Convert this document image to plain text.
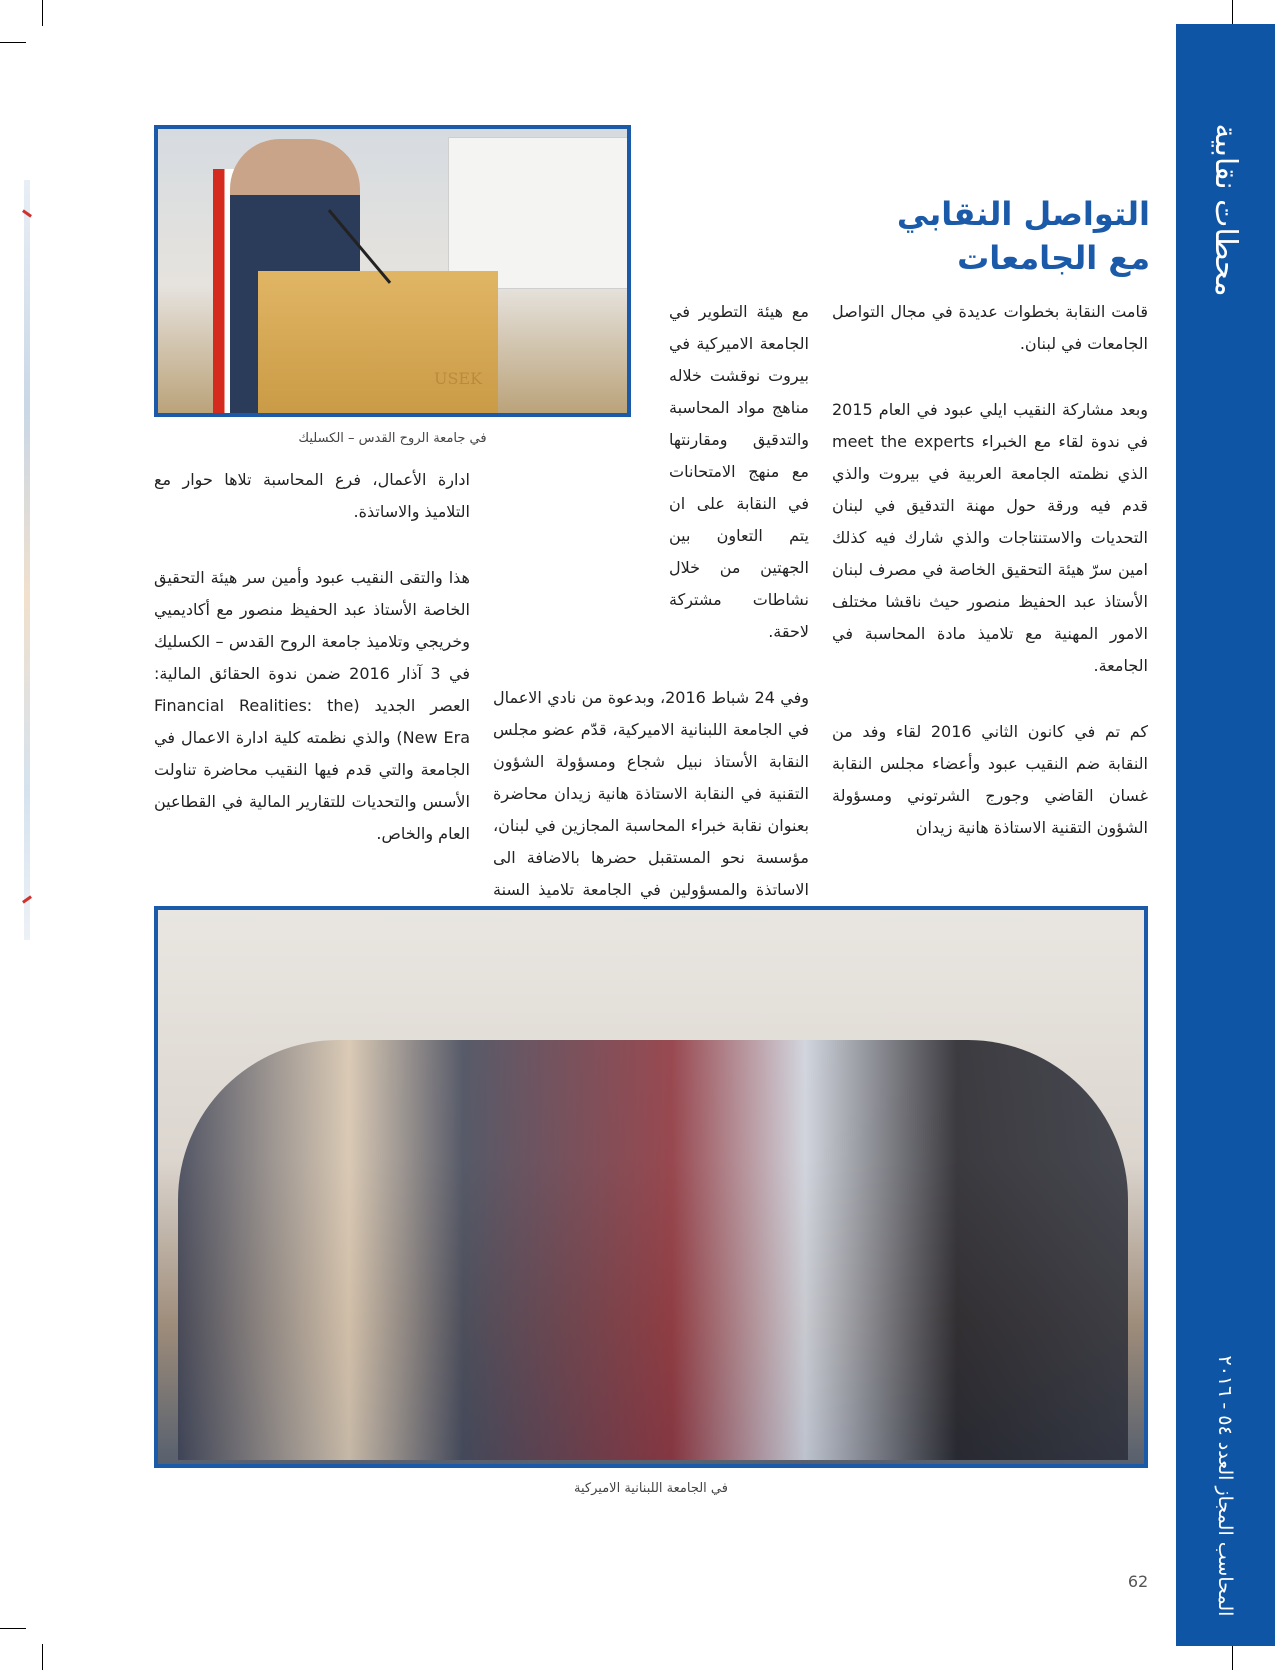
محطات نقابية
المحاسب المجاز العدد ٥٤ - ٢٠١٦
USEK
في جامعة الروح القدس – الكسليك
التواصل النقابي
مع الجامعات

قامت النقابة بخطوات عديدة في مجال التواصل الجامعات في لبنان.

وبعد مشاركة النقيب ايلي عبود في العام 2015 في ندوة لقاء مع الخبراء meet the experts الذي نظمته الجامعة العربية في بيروت والذي قدم فيه ورقة حول مهنة التدقيق في لبنان التحديات والاستنتاجات والذي شارك فيه كذلك امين سرّ هيئة التحقيق الخاصة في مصرف لبنان الأستاذ عبد الحفيظ منصور حيث ناقشا مختلف الامور المهنية مع تلاميذ مادة المحاسبة في الجامعة.

كم تم في كانون الثاني 2016 لقاء وفد من النقابة ضم النقيب عبود وأعضاء مجلس النقابة غسان القاضي وجورج الشرتوني ومسؤولة الشؤون التقنية الاستاذة هانية زيدان

مع هيئة التطوير في الجامعة الاميركية في بيروت نوقشت خلاله مناهج مواد المحاسبة والتدقيق ومقارنتها مع منهج الامتحانات في النقابة على ان يتم التعاون بين الجهتين من خلال نشاطات مشتركة لاحقة.

وفي 24 شباط 2016، وبدعوة من نادي الاعمال في الجامعة اللبنانية الاميركية، قدّم عضو مجلس النقابة الأستاذ نبيل شجاع ومسؤولة الشؤون التقنية في النقابة الاستاذة هانية زيدان محاضرة بعنوان نقابة خبراء المحاسبة المجازين في لبنان، مؤسسة نحو المستقبل حضرها بالاضافة الى الاساتذة والمسؤولين في الجامعة تلاميذ السنة

ادارة الأعمال، فرع المحاسبة تلاها حوار مع التلاميذ والاساتذة.

هذا والتقى النقيب عبود وأمين سر هيئة التحقيق الخاصة الأستاذ عبد الحفيظ منصور مع أكاديميي وخريجي وتلاميذ جامعة الروح القدس – الكسليك في 3 آذار 2016 ضمن ندوة الحقائق المالية: العصر الجديد (Financial Realities: the New Era) والذي نظمته كلية ادارة الاعمال في الجامعة والتي قدم فيها النقيب محاضرة تناولت الأسس والتحديات للتقارير المالية في القطاعين العام والخاص.

في الجامعة اللبنانية الاميركية
62
